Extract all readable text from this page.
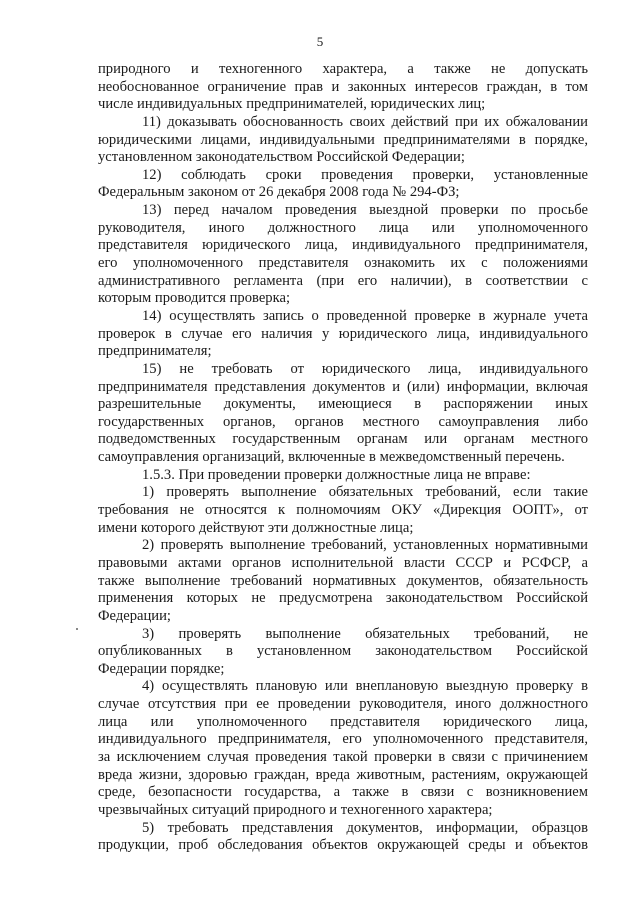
5
природного и техногенного характера, а также не допускать
необоснованное ограничение прав и законных интересов граждан, в том
числе индивидуальных предпринимателей, юридических лиц;
11) доказывать обоснованность своих действий при их обжаловании
юридическими лицами, индивидуальными предпринимателями в порядке,
установленном законодательством Российской Федерации;
12) соблюдать сроки проведения проверки, установленные
Федеральным законом от 26 декабря 2008 года № 294-ФЗ;
13) перед началом проведения выездной проверки по просьбе
руководителя, иного должностного лица или уполномоченного
представителя юридического лица, индивидуального предпринимателя,
его уполномоченного представителя ознакомить их с положениями
административного регламента (при его наличии), в соответствии с
которым проводится проверка;
14) осуществлять запись о проведенной проверке в журнале учета
проверок в случае его наличия у юридического лица, индивидуального
предпринимателя;
15) не требовать от юридического лица, индивидуального
предпринимателя представления документов и (или) информации, включая
разрешительные документы, имеющиеся в распоряжении иных
государственных органов, органов местного самоуправления либо
подведомственных государственным органам или органам местного
самоуправления организаций, включенные в межведомственный перечень.
1.5.3. При проведении проверки должностные лица не вправе:
1) проверять выполнение обязательных требований, если такие
требования не относятся к полномочиям ОКУ «Дирекция ООПТ», от
имени которого действуют эти должностные лица;
2) проверять выполнение требований, установленных нормативными
правовыми актами органов исполнительной власти СССР и РСФСР, а
также выполнение требований нормативных документов, обязательность
применения которых не предусмотрена законодательством Российской
Федерации;
3) проверять выполнение обязательных требований, не
опубликованных в установленном законодательством Российской
Федерации порядке;
4) осуществлять плановую или внеплановую выездную проверку в
случае отсутствия при ее проведении руководителя, иного должностного
лица или уполномоченного представителя юридического лица,
индивидуального предпринимателя, его уполномоченного представителя,
за исключением случая проведения такой проверки в связи с причинением
вреда жизни, здоровью граждан, вреда животным, растениям, окружающей
среде, безопасности государства, а также в связи с возникновением
чрезвычайных ситуаций природного и техногенного характера;
5) требовать представления документов, информации, образцов
продукции, проб обследования объектов окружающей среды и объектов
